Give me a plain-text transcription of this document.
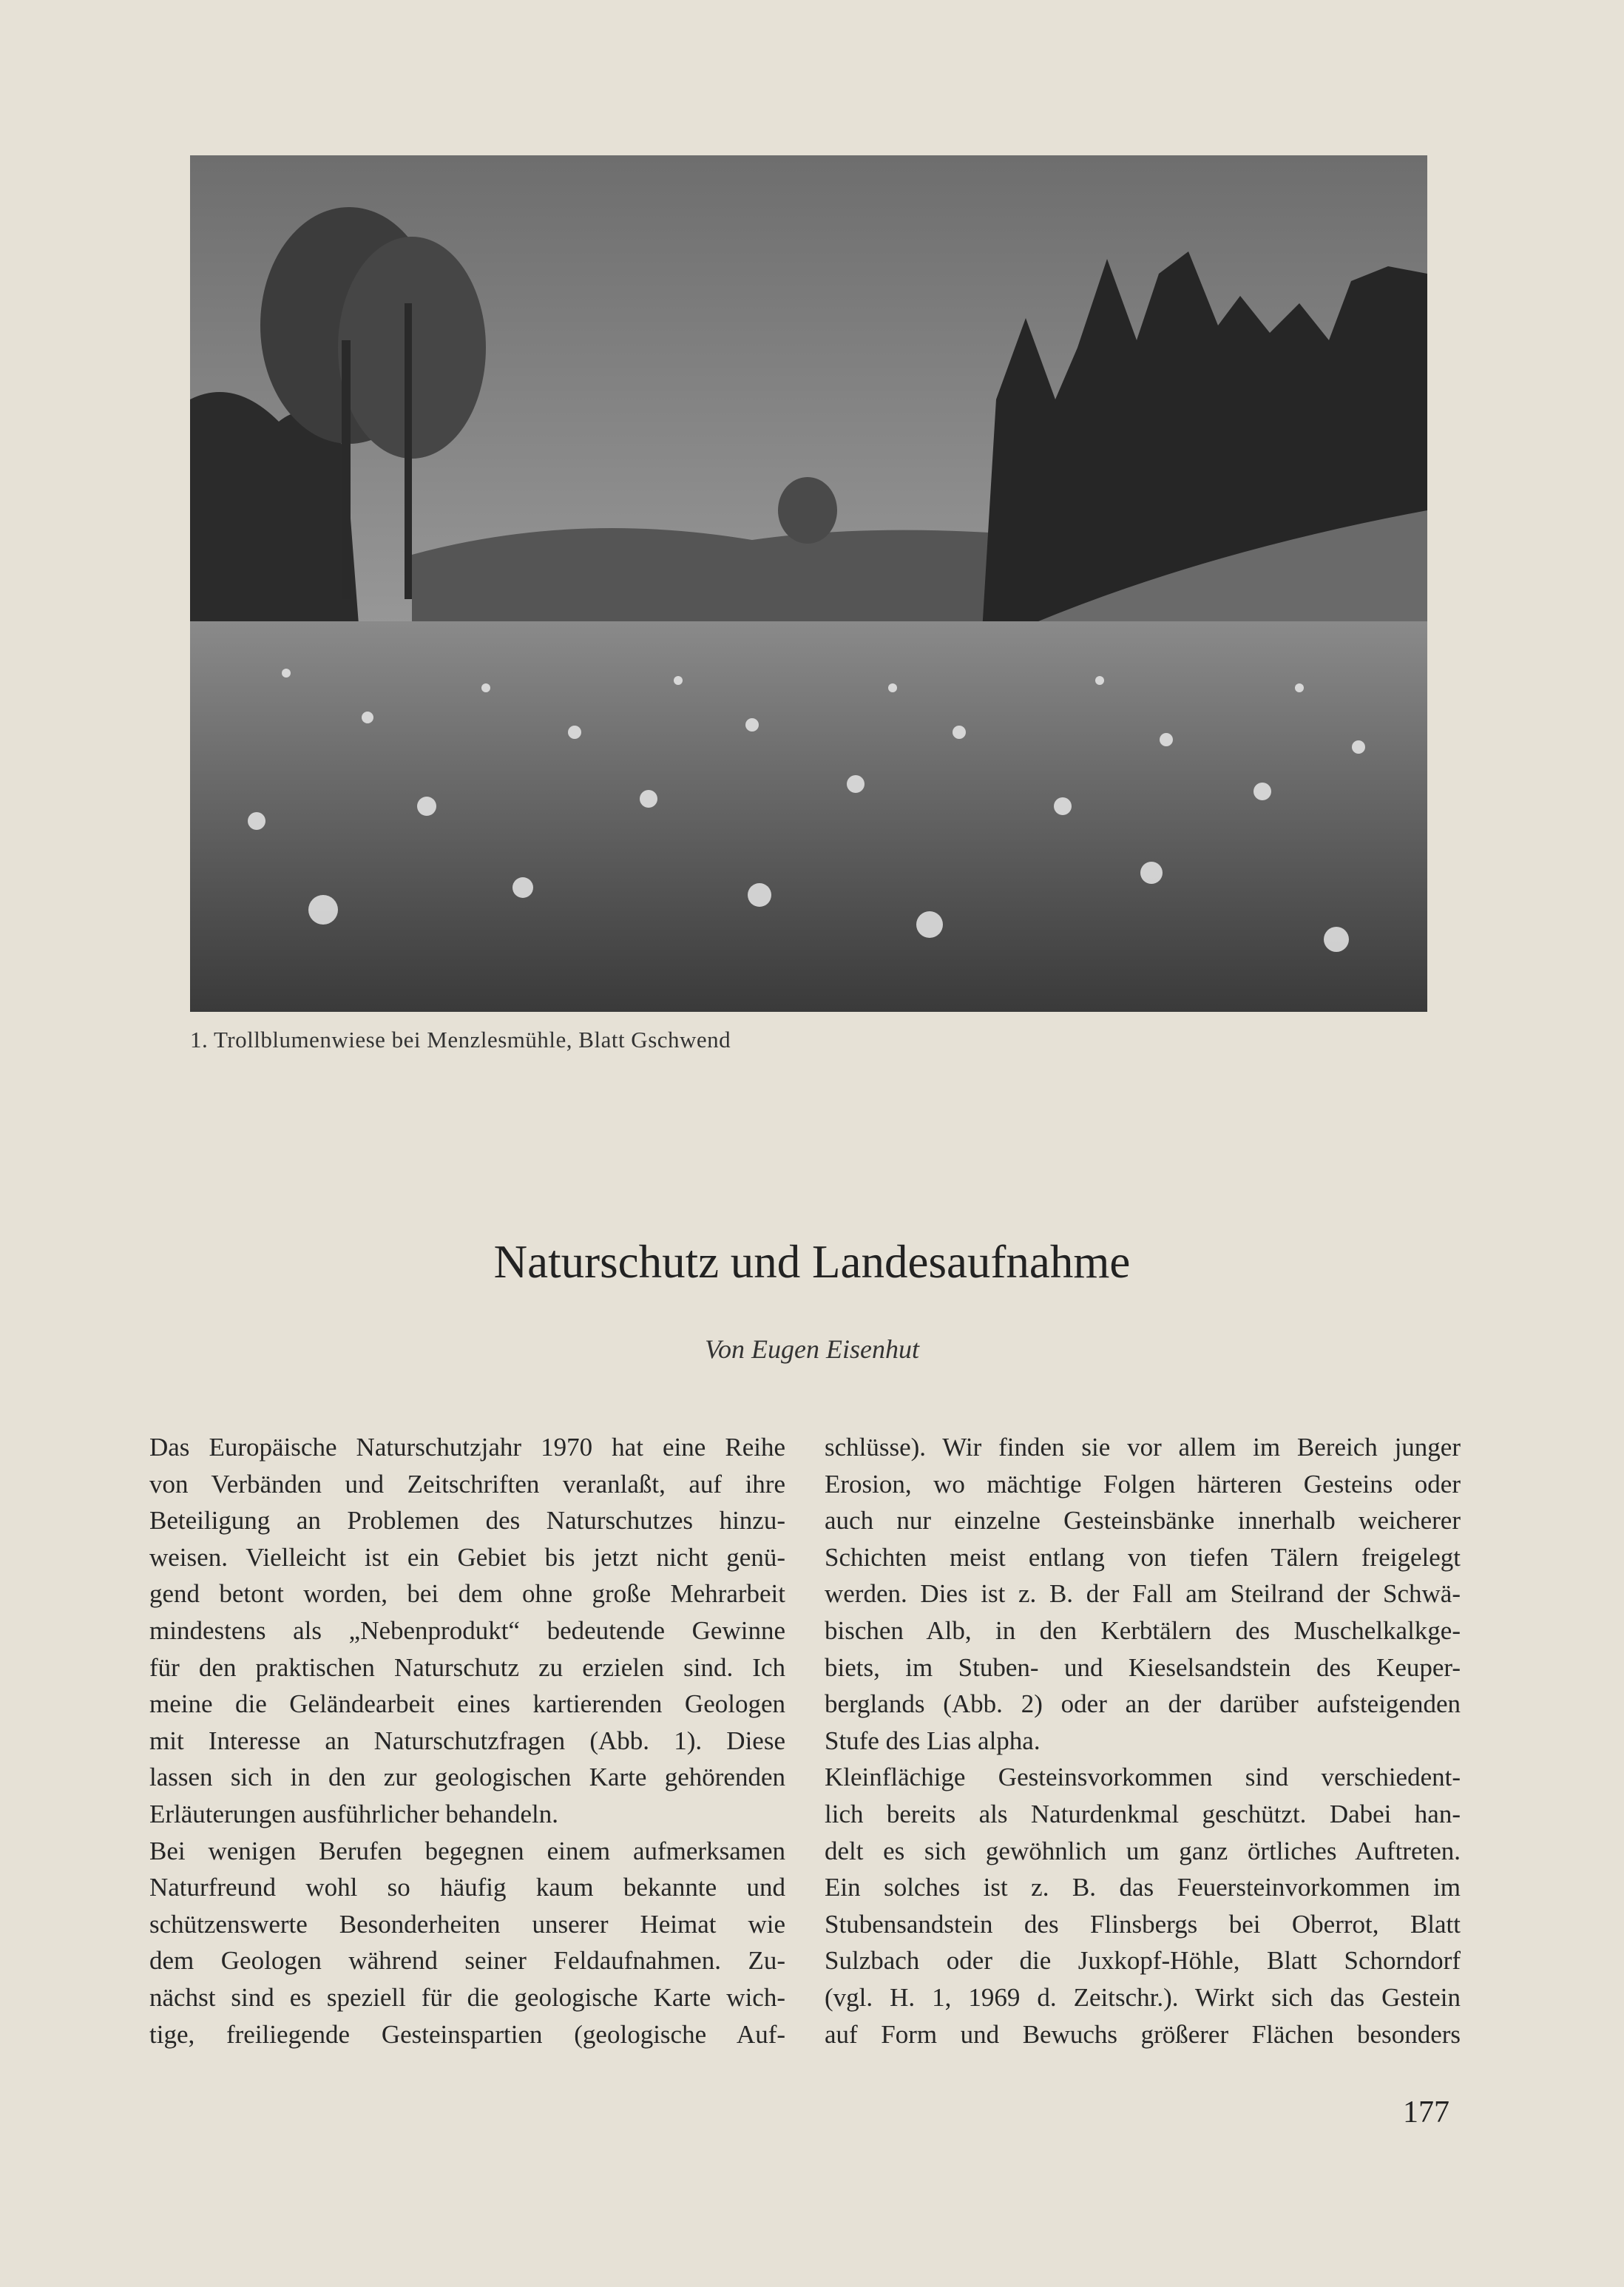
1. Trollblumenwiese bei Menzlesmühle, Blatt Gschwend
Naturschutz und Landesaufnahme
Von Eugen Eisenhut
Das Europäische Naturschutzjahr 1970 hat eine Reihe
von Verbänden und Zeitschriften veranlaßt, auf ihre
Beteiligung an Problemen des Naturschutzes hinzu-
weisen. Vielleicht ist ein Gebiet bis jetzt nicht genü-
gend betont worden, bei dem ohne große Mehrarbeit
mindestens als „Nebenprodukt“ bedeutende Gewinne
für den praktischen Naturschutz zu erzielen sind. Ich
meine die Geländearbeit eines kartierenden Geologen
mit Interesse an Naturschutzfragen (Abb. 1). Diese
lassen sich in den zur geologischen Karte gehörenden
Erläuterungen ausführlicher behandeln.
Bei wenigen Berufen begegnen einem aufmerksamen
Naturfreund wohl so häufig kaum bekannte und
schützenswerte Besonderheiten unserer Heimat wie
dem Geologen während seiner Feldaufnahmen. Zu-
nächst sind es speziell für die geologische Karte wich-
tige, freiliegende Gesteinspartien (geologische Auf-
schlüsse). Wir finden sie vor allem im Bereich junger
Erosion, wo mächtige Folgen härteren Gesteins oder
auch nur einzelne Gesteinsbänke innerhalb weicherer
Schichten meist entlang von tiefen Tälern freigelegt
werden. Dies ist z. B. der Fall am Steilrand der Schwä-
bischen Alb, in den Kerbtälern des Muschelkalkge-
biets, im Stuben- und Kieselsandstein des Keuper-
berglands (Abb. 2) oder an der darüber aufsteigenden
Stufe des Lias alpha.
Kleinflächige Gesteinsvorkommen sind verschiedent-
lich bereits als Naturdenkmal geschützt. Dabei han-
delt es sich gewöhnlich um ganz örtliches Auftreten.
Ein solches ist z. B. das Feuersteinvorkommen im
Stubensandstein des Flinsbergs bei Oberrot, Blatt
Sulzbach oder die Juxkopf-Höhle, Blatt Schorndorf
(vgl. H. 1, 1969 d. Zeitschr.). Wirkt sich das Gestein
auf Form und Bewuchs größerer Flächen besonders
177
